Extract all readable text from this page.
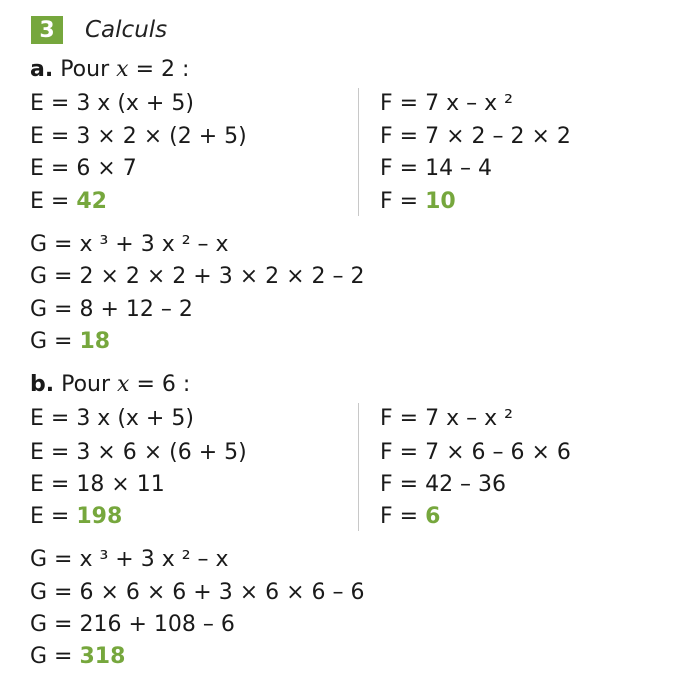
3	Calculs
a. Pour x = 2 :
E = 3 x (x + 5)
E = 3 × 2 × (2 + 5)
E = 6 × 7
E = 42
F = 7 x – x ²
F = 7 × 2 – 2 × 2
F = 14 – 4
F = 10
G = x ³ + 3 x ² – x
G = 2 × 2 × 2 + 3 × 2 × 2 – 2
G = 8 + 12 – 2
G = 18
b. Pour x = 6 :
E = 3 x (x + 5)
E = 3 × 6 × (6 + 5)
E = 18 × 11
E = 198
F = 7 x – x ²
F = 7 × 6 – 6 × 6
F = 42 – 36
F = 6
G = x ³ + 3 x ² – x
G = 6 × 6 × 6 + 3 × 6 × 6 – 6
G = 216 + 108 – 6
G = 318
